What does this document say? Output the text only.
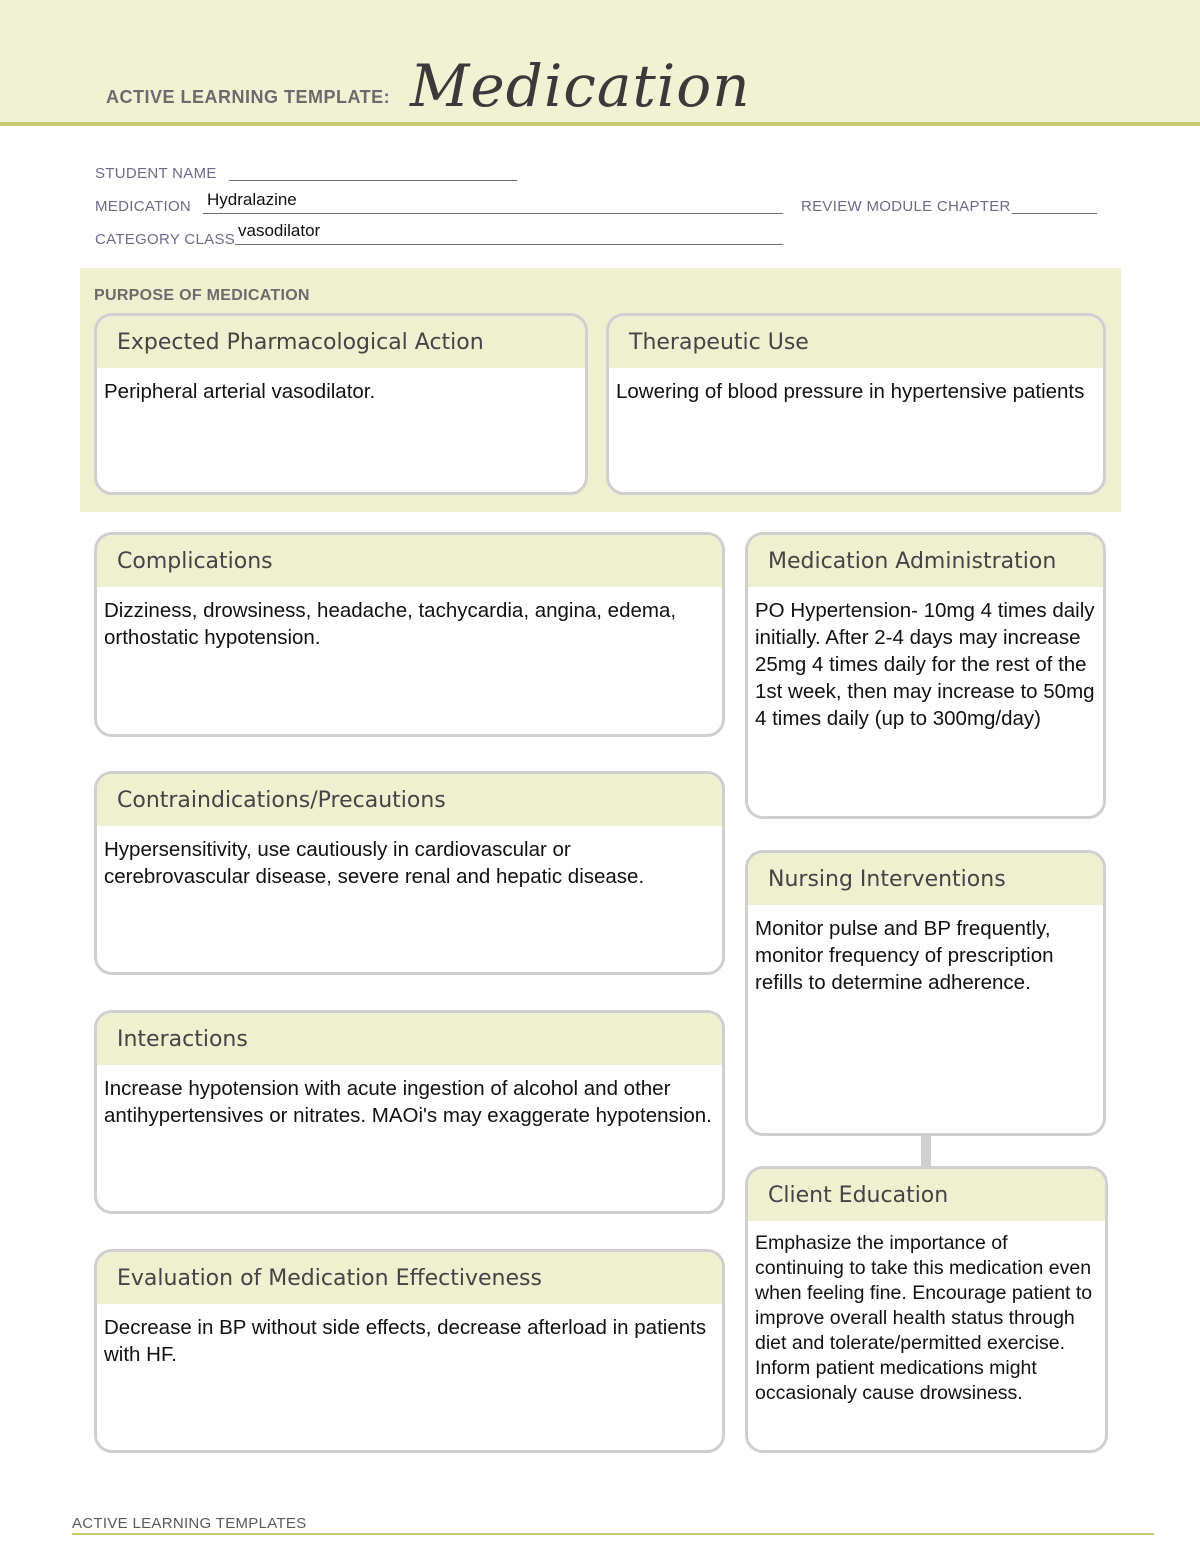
ACTIVE LEARNING TEMPLATE: Medication
STUDENT NAME
MEDICATION Hydralazine	REVIEW MODULE CHAPTER
CATEGORY CLASS vasodilator
PURPOSE OF MEDICATION
Expected Pharmacological Action
Peripheral arterial vasodilator.
Therapeutic Use
Lowering of blood pressure in hypertensive patients
Complications
Dizziness, drowsiness, headache, tachycardia, angina, edema, orthostatic hypotension.
Contraindications/Precautions
Hypersensitivity, use cautiously in cardiovascular or cerebrovascular disease, severe renal and hepatic disease.
Interactions
Increase hypotension with acute ingestion of alcohol and other antihypertensives or nitrates. MAOi's may exaggerate hypotension.
Evaluation of Medication Effectiveness
Decrease in BP without side effects, decrease afterload in patients with HF.
Medication Administration
PO Hypertension- 10mg 4 times daily initially. After 2-4 days may increase 25mg 4 times daily for the rest of the 1st week, then may increase to 50mg 4 times daily (up to 300mg/day)
Nursing Interventions
Monitor pulse and BP frequently, monitor frequency of prescription refills to determine adherence.
Client Education
Emphasize the importance of continuing to take this medication even when feeling fine. Encourage patient to improve overall health status through diet and tolerate/permitted exercise. Inform patient medications might occasionaly cause drowsiness.
ACTIVE LEARNING TEMPLATES
